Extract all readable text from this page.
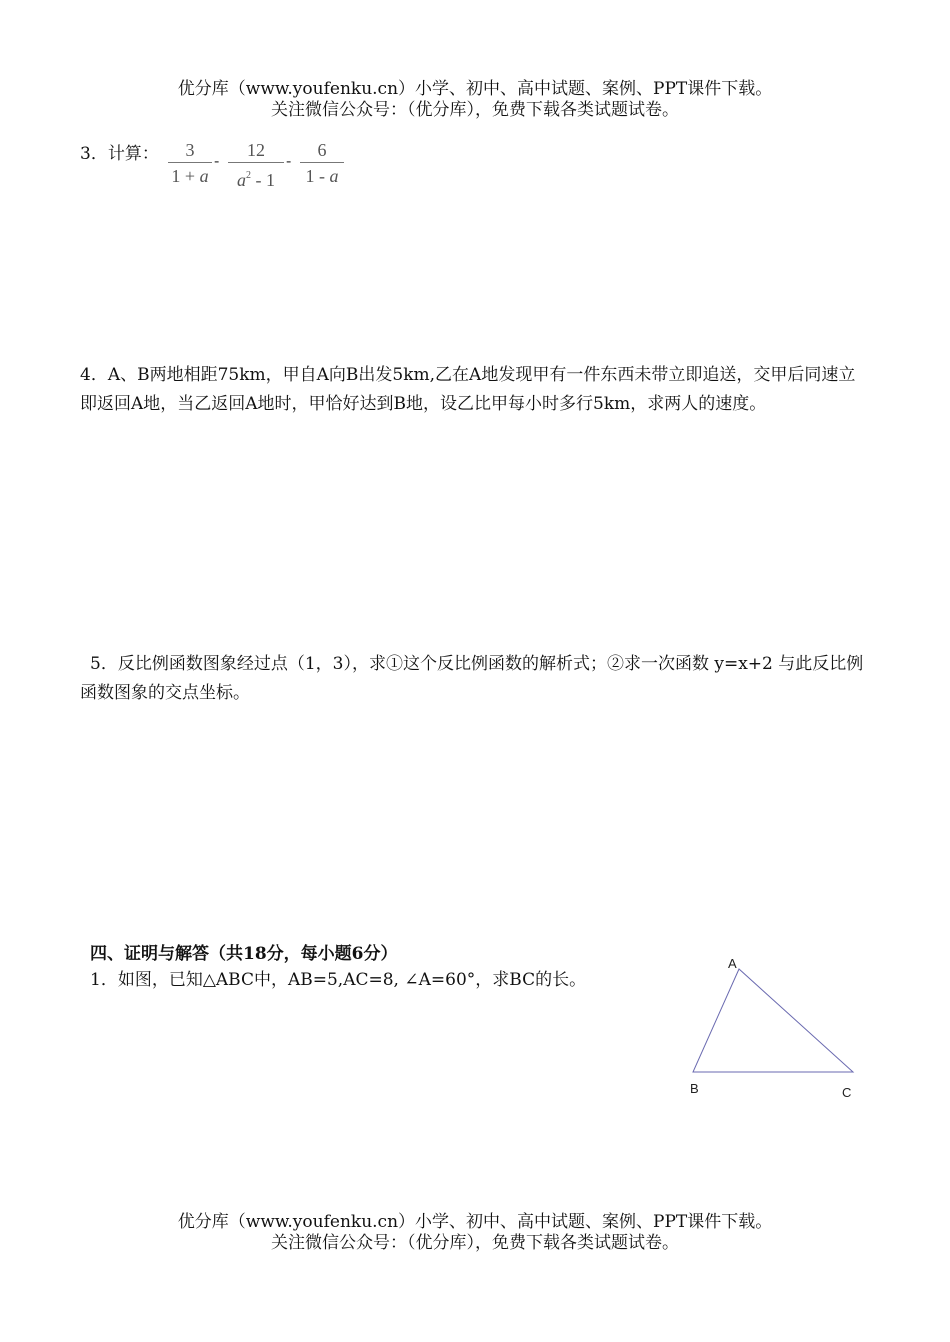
优分库（www.youfenku.cn）小学、初中、高中试题、案例、PPT课件下载。
关注微信公众号：（优分库），免费下载各类试题试卷。
3．计算： $\frac{3}{1 + a} - \frac{12}{a^2 - 1} - \frac{6}{1 - a}$
4．A、B两地相距75km，甲自A向B出发5km,乙在A地发现甲有一件东西未带立即追送，交甲后同速立即返回A地，当乙返回A地时，甲恰好达到B地，设乙比甲每小时多行5km，求两人的速度。
5．反比例函数图象经过点（1，3），求①这个反比例函数的解析式；②求一次函数 y=x+2 与此反比例函数图象的交点坐标。
四、证明与解答（共18分，每小题6分）
1．如图，已知△ABC中，AB=5,AC=8, ∠A=60°，求BC的长。
A
B	C
优分库（www.youfenku.cn）小学、初中、高中试题、案例、PPT课件下载。
关注微信公众号：（优分库），免费下载各类试题试卷。
